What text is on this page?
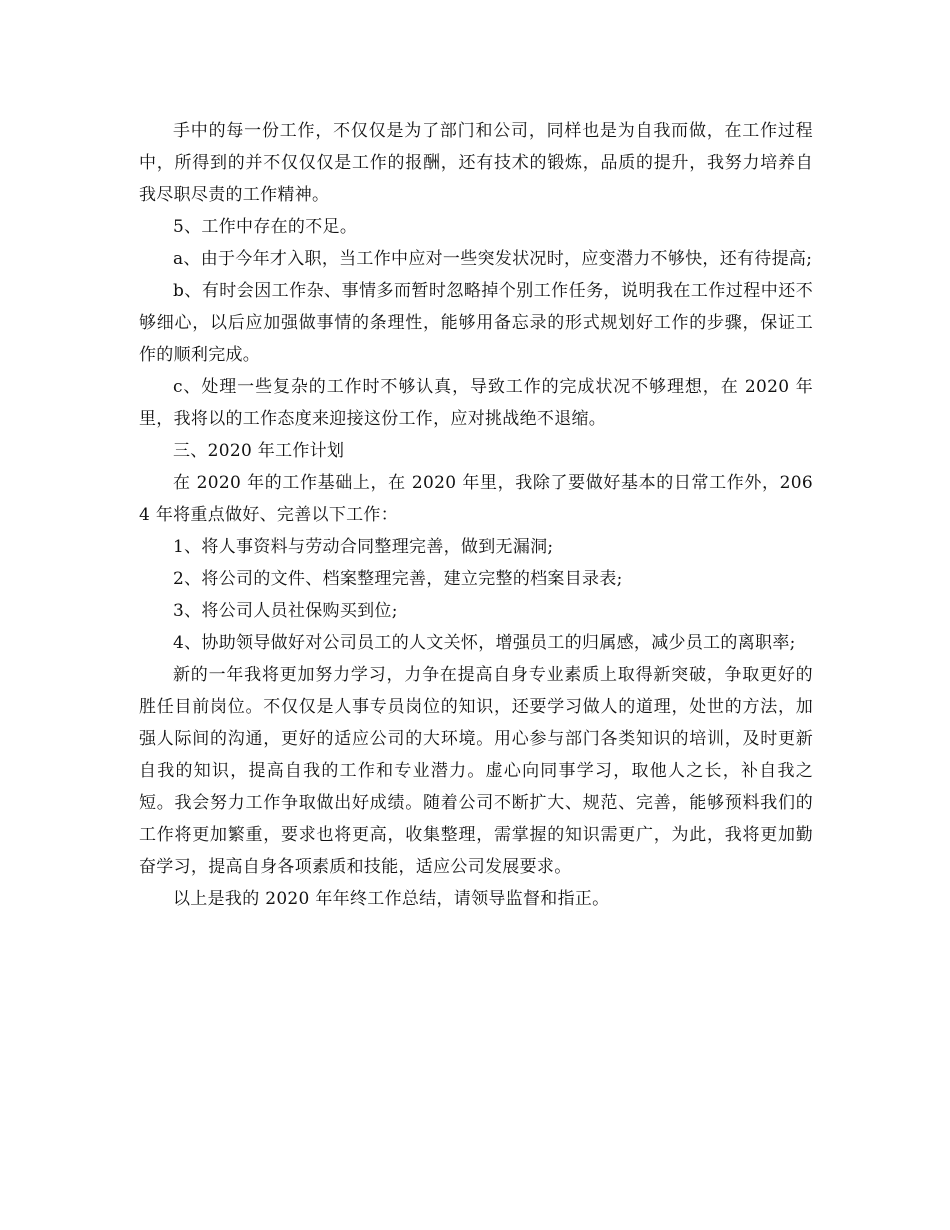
手中的每一份工作，不仅仅是为了部门和公司，同样也是为自我而做，在工作过程中，所得到的并不仅仅仅是工作的报酬，还有技术的锻炼，品质的提升，我努力培养自我尽职尽责的工作精神。

5、工作中存在的不足。

a、由于今年才入职，当工作中应对一些突发状况时，应变潜力不够快，还有待提高;

b、有时会因工作杂、事情多而暂时忽略掉个别工作任务，说明我在工作过程中还不够细心，以后应加强做事情的条理性，能够用备忘录的形式规划好工作的步骤，保证工作的顺利完成。

c、处理一些复杂的工作时不够认真，导致工作的完成状况不够理想，在 2020 年里，我将以的工作态度来迎接这份工作，应对挑战绝不退缩。

三、2020 年工作计划

在 2020 年的工作基础上，在 2020 年里，我除了要做好基本的日常工作外，2064 年将重点做好、完善以下工作：

1、将人事资料与劳动合同整理完善，做到无漏洞;

2、将公司的文件、档案整理完善，建立完整的档案目录表;

3、将公司人员社保购买到位;

4、协助领导做好对公司员工的人文关怀，增强员工的归属感，减少员工的离职率;

新的一年我将更加努力学习，力争在提高自身专业素质上取得新突破，争取更好的胜任目前岗位。不仅仅是人事专员岗位的知识，还要学习做人的道理，处世的方法，加强人际间的沟通，更好的适应公司的大环境。用心参与部门各类知识的培训，及时更新自我的知识，提高自我的工作和专业潜力。虚心向同事学习，取他人之长，补自我之短。我会努力工作争取做出好成绩。随着公司不断扩大、规范、完善，能够预料我们的工作将更加繁重，要求也将更高，收集整理，需掌握的知识需更广，为此，我将更加勤奋学习，提高自身各项素质和技能，适应公司发展要求。

以上是我的 2020 年年终工作总结，请领导监督和指正。
